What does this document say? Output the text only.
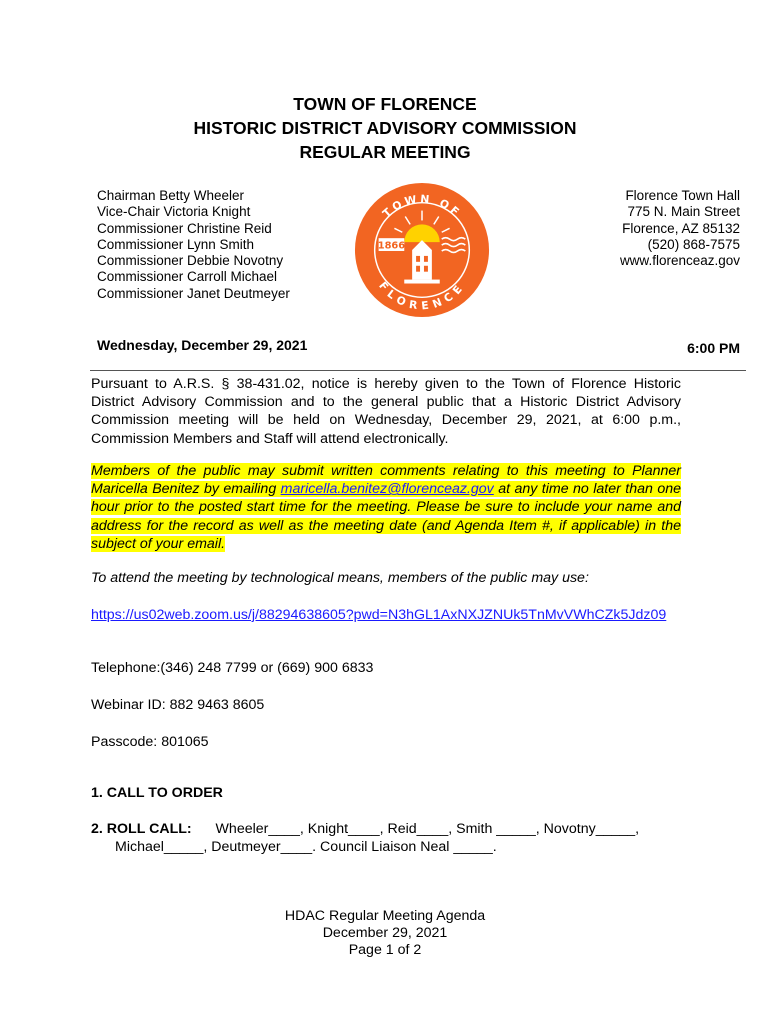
TOWN OF FLORENCE
HISTORIC DISTRICT ADVISORY COMMISSION
REGULAR MEETING
Chairman Betty Wheeler
Vice-Chair Victoria Knight
Commissioner Christine Reid
Commissioner Lynn Smith
Commissioner Debbie Novotny
Commissioner Carroll Michael
Commissioner Janet Deutmeyer
TOWN OF
FLORENCE
1866
Florence Town Hall
775 N. Main Street
Florence, AZ 85132
(520) 868-7575
www.florenceaz.gov
Wednesday, December 29, 2021	6:00 PM
Pursuant to A.R.S. § 38-431.02, notice is hereby given to the Town of Florence Historic District Advisory Commission and to the general public that a Historic District Advisory Commission meeting will be held on Wednesday, December 29, 2021, at 6:00 p.m., Commission Members and Staff will attend electronically.
Members of the public may submit written comments relating to this meeting to Planner Maricella Benitez by emailing maricella.benitez@florenceaz.gov at any time no later than one hour prior to the posted start time for the meeting. Please be sure to include your name and address for the record as well as the meeting date (and Agenda Item #, if applicable) in the subject of your email.
To attend the meeting by technological means, members of the public may use:
https://us02web.zoom.us/j/88294638605?pwd=N3hGL1AxNXJZNUk5TnMvVWhCZk5Jdz09
Telephone:(346) 248 7799 or (669) 900 6833
Webinar ID: 882 9463 8605
Passcode: 801065
1. CALL TO ORDER
2. ROLL CALL: Wheeler____, Knight____, Reid____, Smith _____, Novotny_____,
Michael_____, Deutmeyer____. Council Liaison Neal _____.
HDAC Regular Meeting Agenda
December 29, 2021
Page 1 of 2
